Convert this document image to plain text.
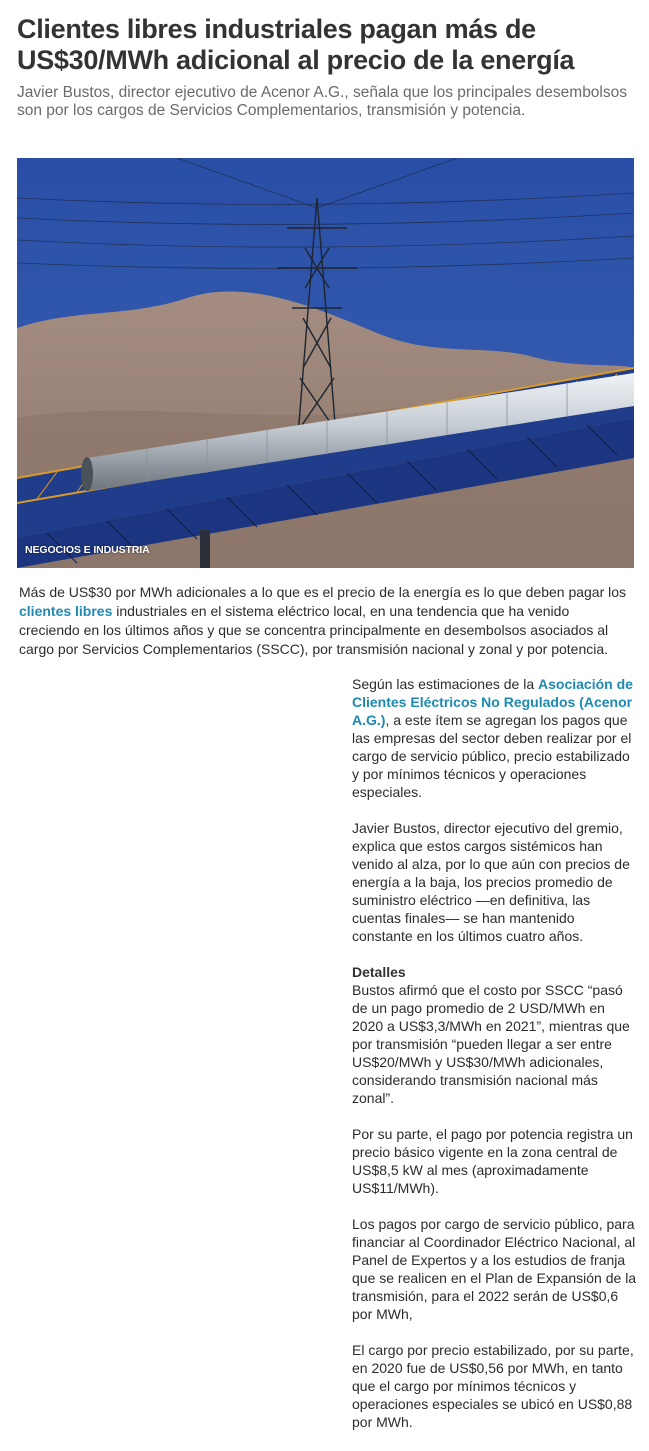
Clientes libres industriales pagan más de US$30/MWh adicional al precio de la energía

Javier Bustos, director ejecutivo de Acenor A.G., señala que los principales desembolsos son por los cargos de Servicios Complementarios, transmisión y potencia.

NEGOCIOS E INDUSTRIA

Más de US$30 por MWh adicionales a lo que es el precio de la energía es lo que deben pagar los clientes libres industriales en el sistema eléctrico local, en una tendencia que ha venido creciendo en los últimos años y que se concentra principalmente en desembolsos asociados al cargo por Servicios Complementarios (SSCC), por transmisión nacional y zonal y por potencia.

Según las estimaciones de la Asociación de Clientes Eléctricos No Regulados (Acenor A.G.), a este ítem se agregan los pagos que las empresas del sector deben realizar por el cargo de servicio público, precio estabilizado y por mínimos técnicos y operaciones especiales.

Javier Bustos, director ejecutivo del gremio, explica que estos cargos sistémicos han venido al alza, por lo que aún con precios de energía a la baja, los precios promedio de suministro eléctrico —en definitiva, las cuentas finales— se han mantenido constante en los últimos cuatro años.

Detalles
Bustos afirmó que el costo por SSCC “pasó de un pago promedio de 2 USD/MWh en 2020 a US$3,3/MWh en 2021”, mientras que por transmisión “pueden llegar a ser entre US$20/MWh y US$30/MWh adicionales, considerando transmisión nacional más zonal”.

Por su parte, el pago por potencia registra un precio básico vigente en la zona central de US$8,5 kW al mes (aproximadamente US$11/MWh).

Los pagos por cargo de servicio público, para financiar al Coordinador Eléctrico Nacional, al Panel de Expertos y a los estudios de franja que se realicen en el Plan de Expansión de la transmisión, para el 2022 serán de US$0,6 por MWh,

El cargo por precio estabilizado, por su parte, en 2020 fue de US$0,56 por MWh, en tanto que el cargo por mínimos técnicos y operaciones especiales se ubicó en US$0,88 por MWh.
